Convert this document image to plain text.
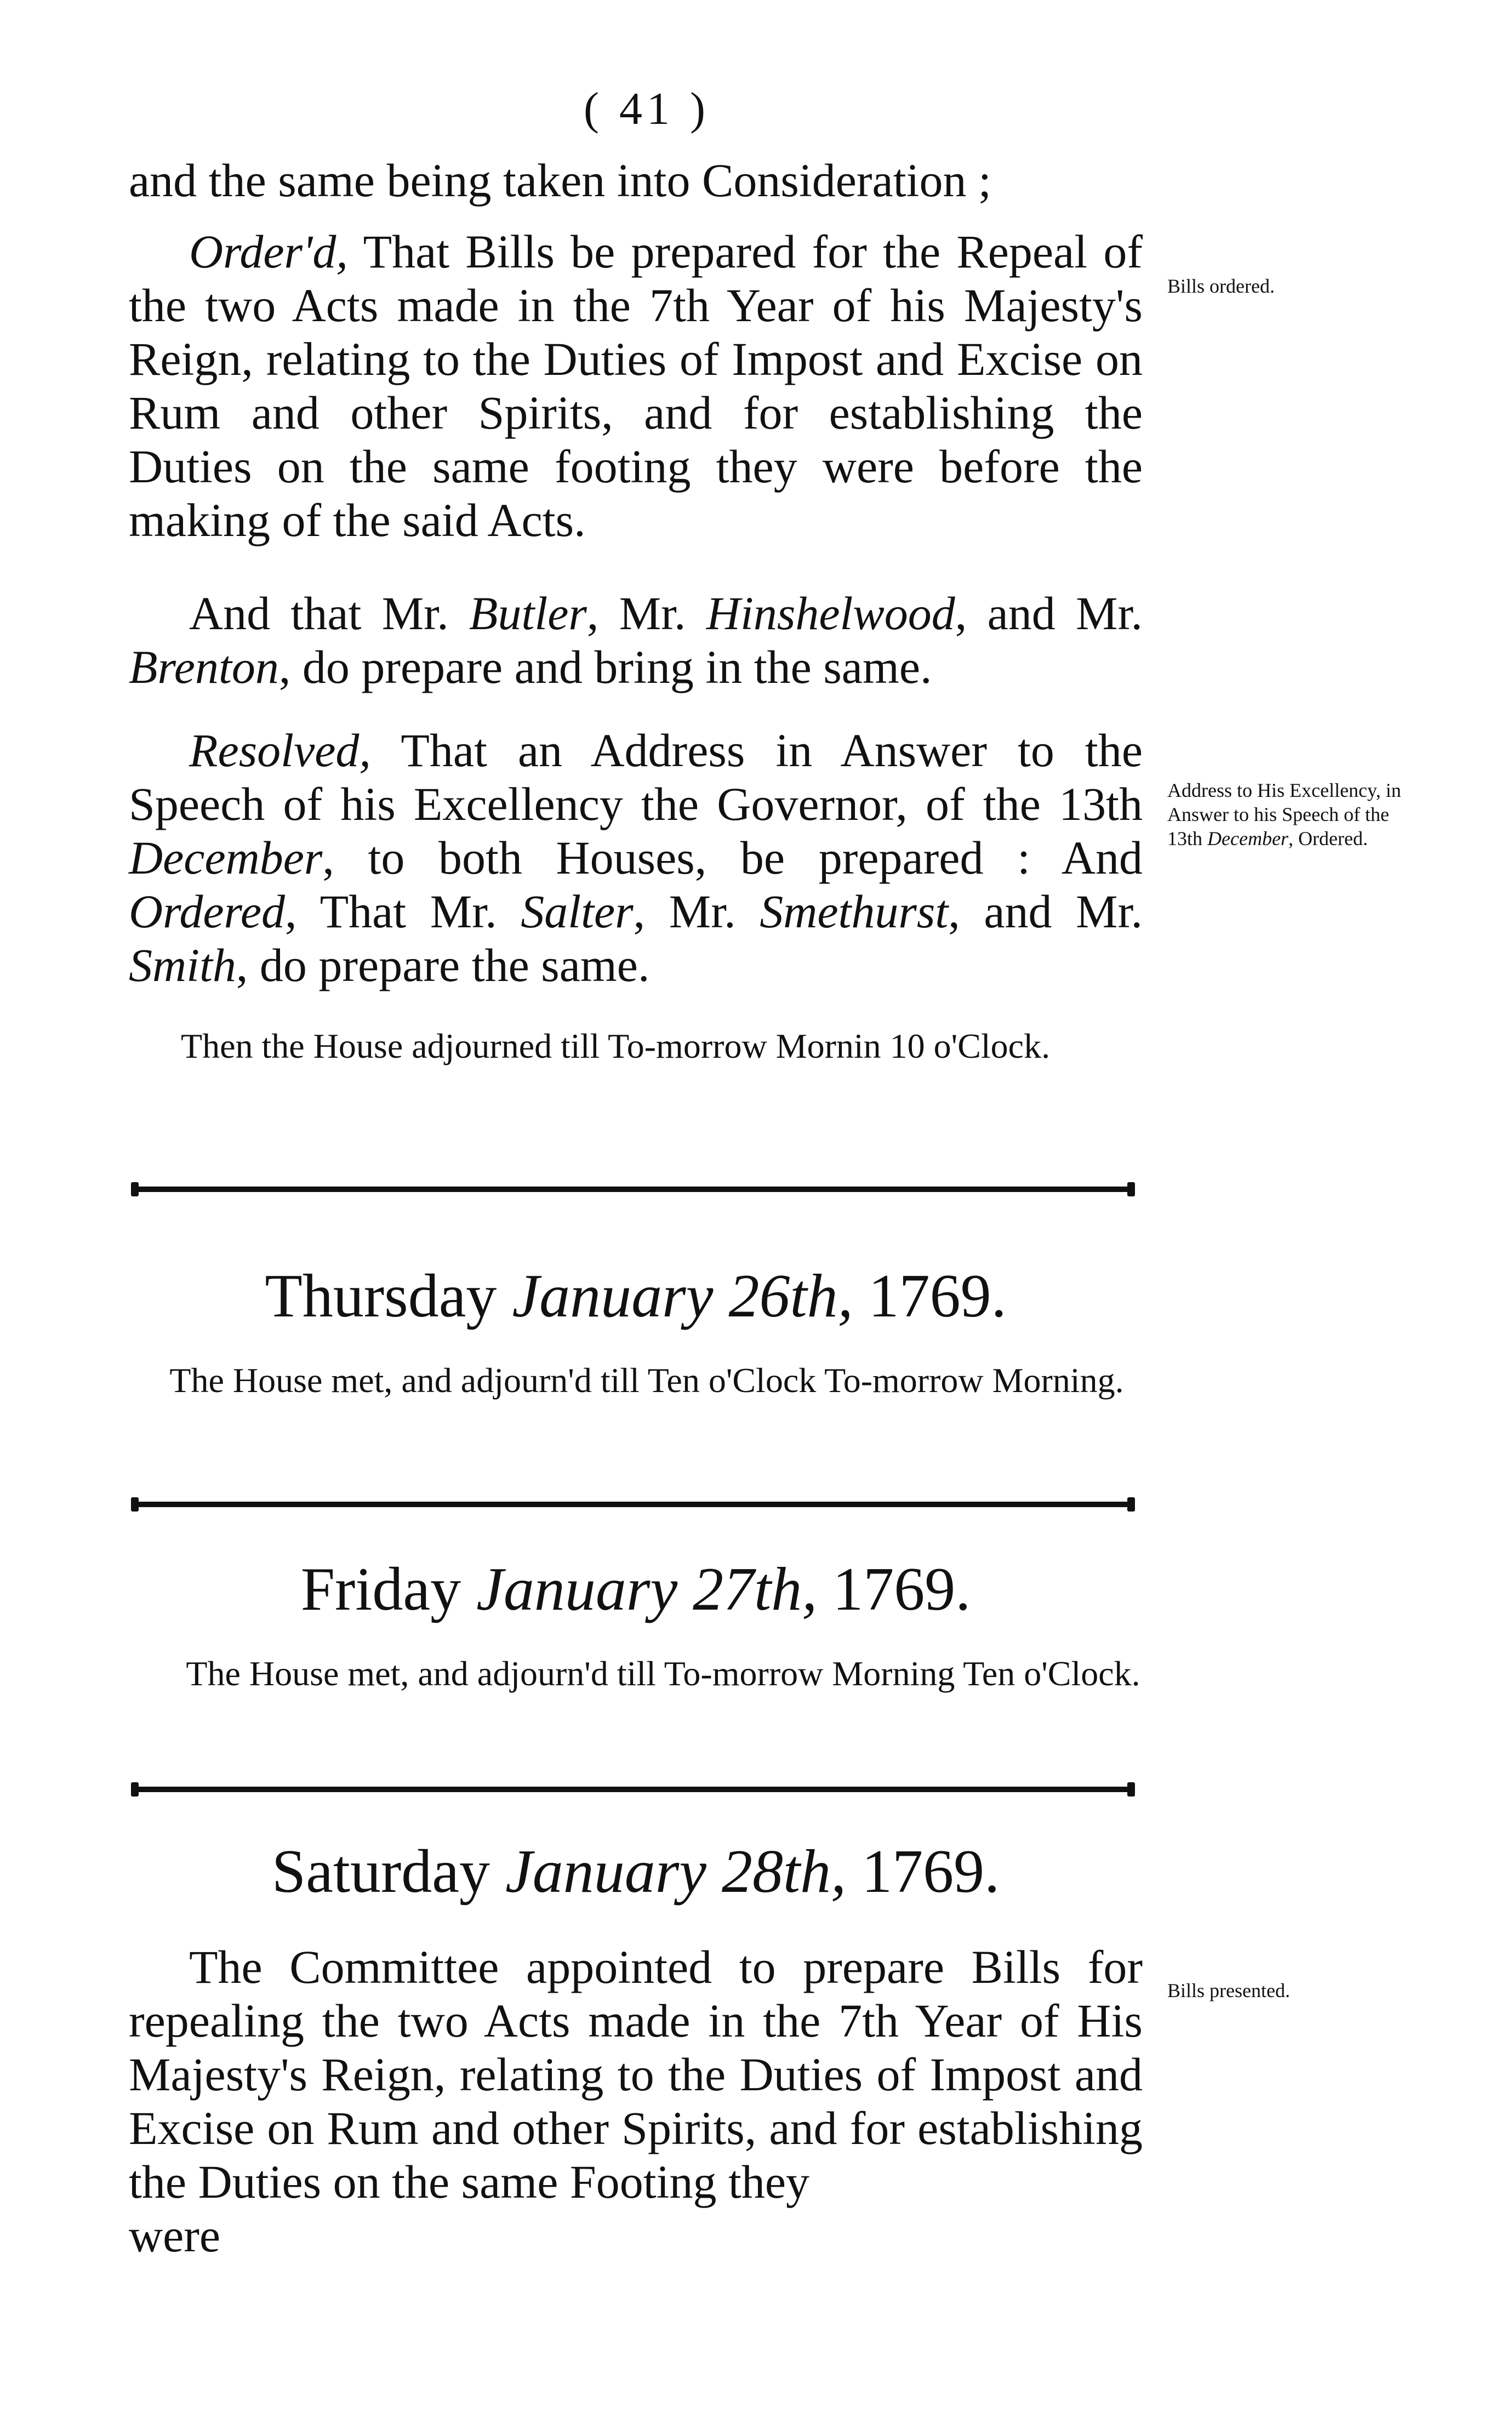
( 41 )

and the same being taken into Consideration ;

Order'd, That Bills be prepared for the Repeal of the two Acts made in the 7th Year of his Majesty's Reign, relating to the Duties of Impost and Excise on Rum and other Spirits, and for establishing the Duties on the same footing they were before the making of the said Acts.

Bills ordered.

And that Mr. Butler, Mr. Hinshelwood, and Mr. Brenton, do prepare and bring in the same.

Resolved, That an Address in Answer to the Speech of his Excellency the Governor, of the 13th December, to both Houses, be prepared : And Ordered, That Mr. Salter, Mr. Smethurst, and Mr. Smith, do prepare the same.

Address to His Excellency, in Answer to his Speech of the 13th December, Ordered.

Then the House adjourned till To-morrow Mornin 10 o'Clock.

Thursday January 26th, 1769.

The House met, and adjourn'd till Ten o'Clock To-morrow Morning.

Friday January 27th, 1769.

The House met, and adjourn'd till To-morrow Morning Ten o'Clock.

Saturday January 28th, 1769.

The Committee appointed to prepare Bills for repealing the two Acts made in the 7th Year of His Majesty's Reign, relating to the Duties of Impost and Excise on Rum and other Spirits, and for establishing the Duties on the same Footing they

were

Bills presented.
